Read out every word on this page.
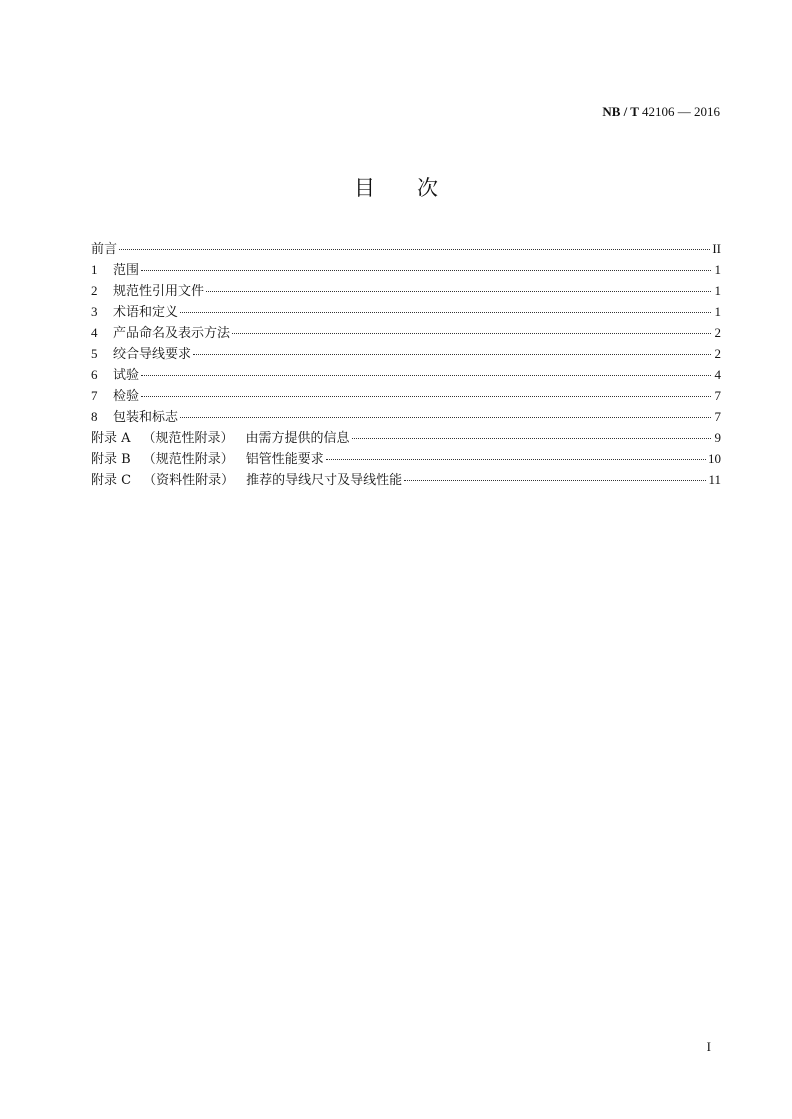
NB / T 42106 — 2016
目次
前言	II
1	范围	1
2	规范性引用文件	1
3	术语和定义	1
4	产品命名及表示方法	2
5	绞合导线要求	2
6	试验	4
7	检验	7
8	包装和标志	7
附录 A （规范性附录） 由需方提供的信息	9
附录 B （规范性附录） 铝管性能要求	10
附录 C （资料性附录） 推荐的导线尺寸及导线性能	11
I
